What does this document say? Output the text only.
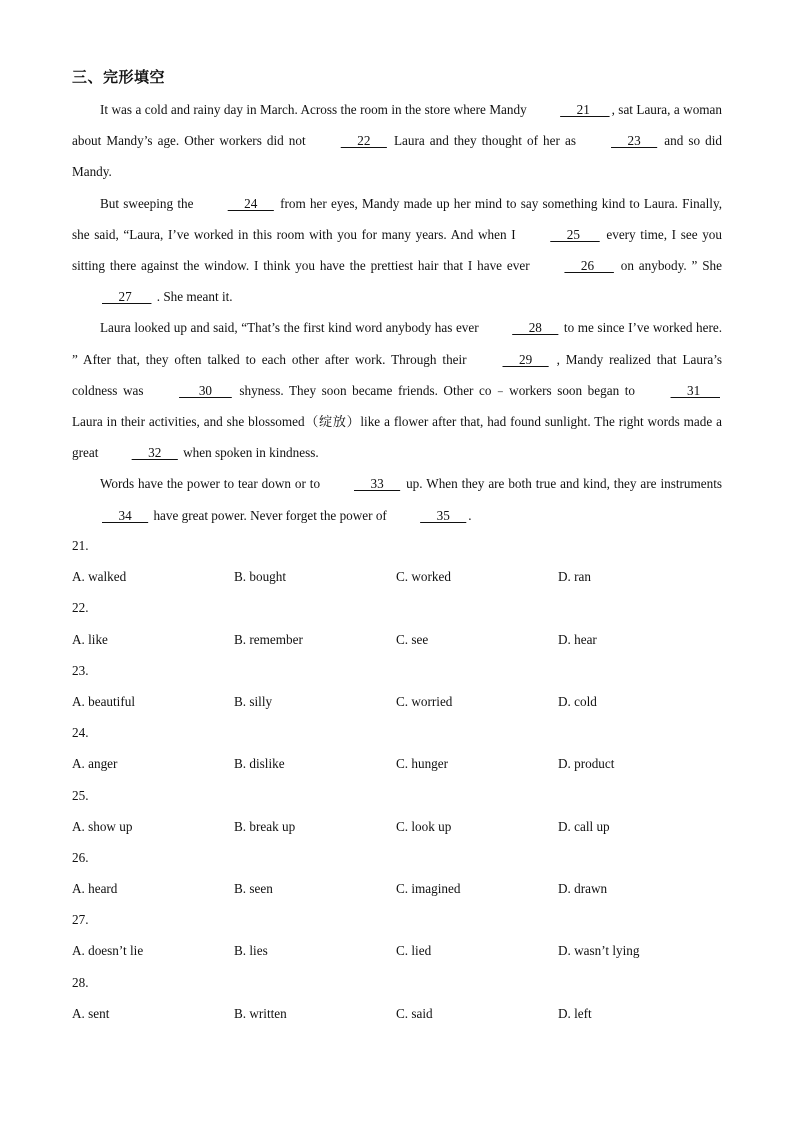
三、完形填空

It was a cold and rainy day in March. Across the room in the store where Mandy      21      , sat Laura, a woman about Mandy’s age. Other workers did not      22      Laura and they thought of her as      23      and so did Mandy.

But sweeping the      24      from her eyes, Mandy made up her mind to say something kind to Laura. Finally, she said, “Laura, I’ve worked in this room with you for many years. And when I      25       every time, I see you sitting there against the window. I think you have the prettiest hair that I have ever      26       on anybody. ” She      27       . She meant it.

Laura looked up and said, “That’s the first kind word anybody has ever      28      to me since I’ve worked here. ” After that, they often talked to each other after work. Through their      29      , Mandy realized that Laura’s coldness was       30       shyness. They soon became friends. Other co﹣workers soon began to      31       Laura in their activities, and she blossomed（绽放）like a flower after that, had found sunlight. The right words made a great      32      when spoken in kindness.

Words have the power to tear down or to      33      up. When they are both true and kind, they are instruments      34      have great power. Never forget the power of      35     .

21.
A. walked	B. bought	C. worked	D. ran
22.
A. like	B. remember	C. see	D. hear
23.
A. beautiful	B. silly	C. worried	D. cold
24.
A. anger	B. dislike	C. hunger	D. product
25.
A. show up	B. break up	C. look up	D. call up
26.
A. heard	B. seen	C. imagined	D. drawn
27.
A. doesn’t lie	B. lies	C. lied	D. wasn’t lying
28.
A. sent	B. written	C. said	D. left
